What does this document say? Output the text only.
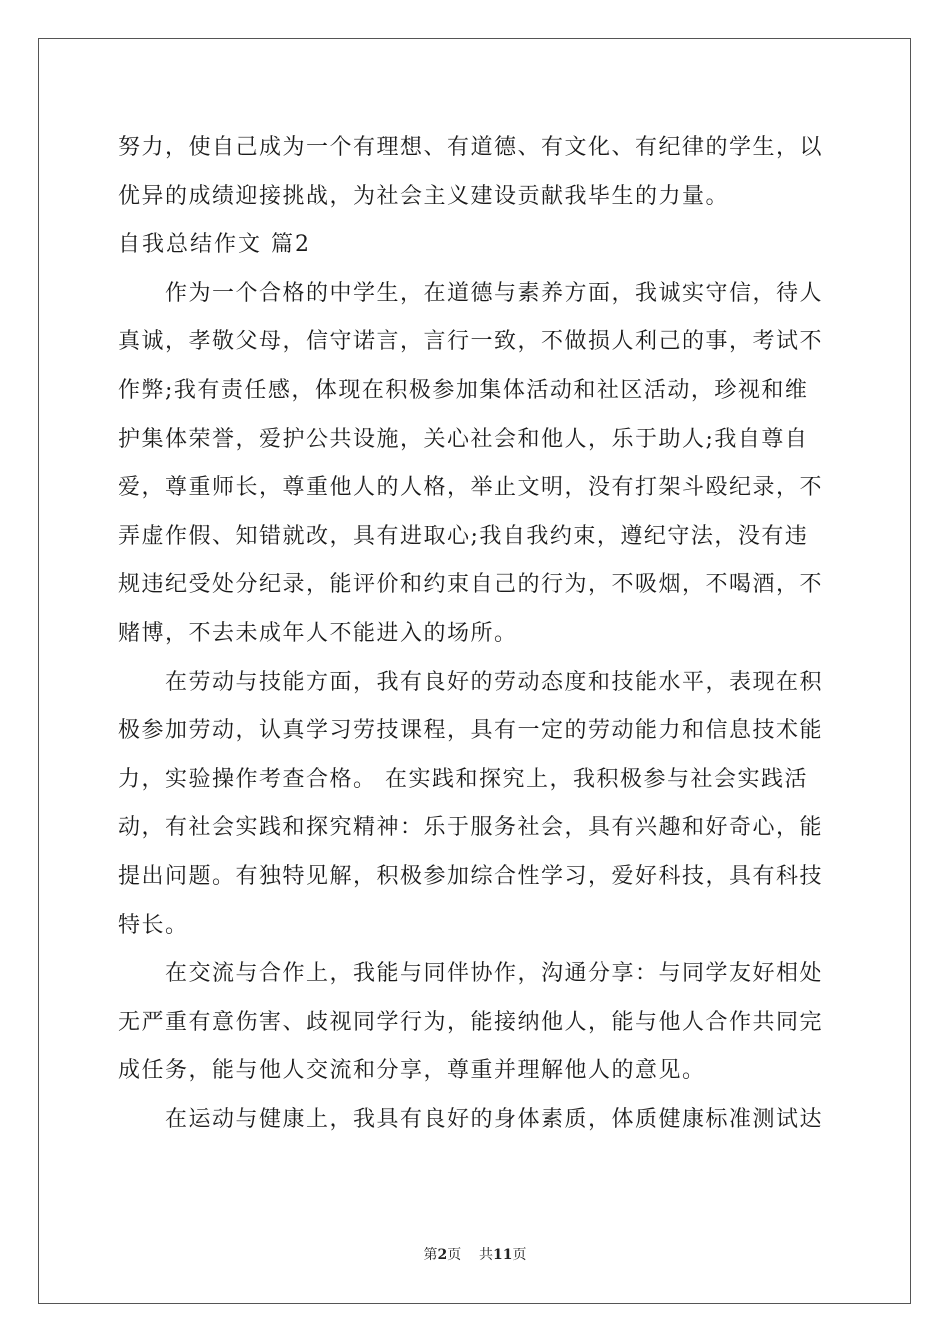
努力，使自己成为一个有理想、有道德、有文化、有纪律的学生，以
优异的成绩迎接挑战，为社会主义建设贡献我毕生的力量。
自我总结作文 篇2
作为一个合格的中学生，在道德与素养方面，我诚实守信，待人
真诚，孝敬父母，信守诺言，言行一致，不做损人利己的事，考试不
作弊;我有责任感，体现在积极参加集体活动和社区活动，珍视和维
护集体荣誉，爱护公共设施，关心社会和他人，乐于助人;我自尊自
爱，尊重师长，尊重他人的人格，举止文明，没有打架斗殴纪录，不
弄虚作假、知错就改，具有进取心;我自我约束，遵纪守法，没有违
规违纪受处分纪录，能评价和约束自己的行为，不吸烟，不喝酒，不
赌博，不去未成年人不能进入的场所。
在劳动与技能方面，我有良好的劳动态度和技能水平，表现在积
极参加劳动，认真学习劳技课程，具有一定的劳动能力和信息技术能
力，实验操作考查合格。 在实践和探究上，我积极参与社会实践活
动，有社会实践和探究精神：乐于服务社会，具有兴趣和好奇心，能
提出问题。有独特见解，积极参加综合性学习，爱好科技，具有科技
特长。
在交流与合作上，我能与同伴协作，沟通分享：与同学友好相处
无严重有意伤害、歧视同学行为，能接纳他人，能与他人合作共同完
成任务，能与他人交流和分享，尊重并理解他人的意见。
在运动与健康上，我具有良好的身体素质，体质健康标准测试达
第2页 共11页
